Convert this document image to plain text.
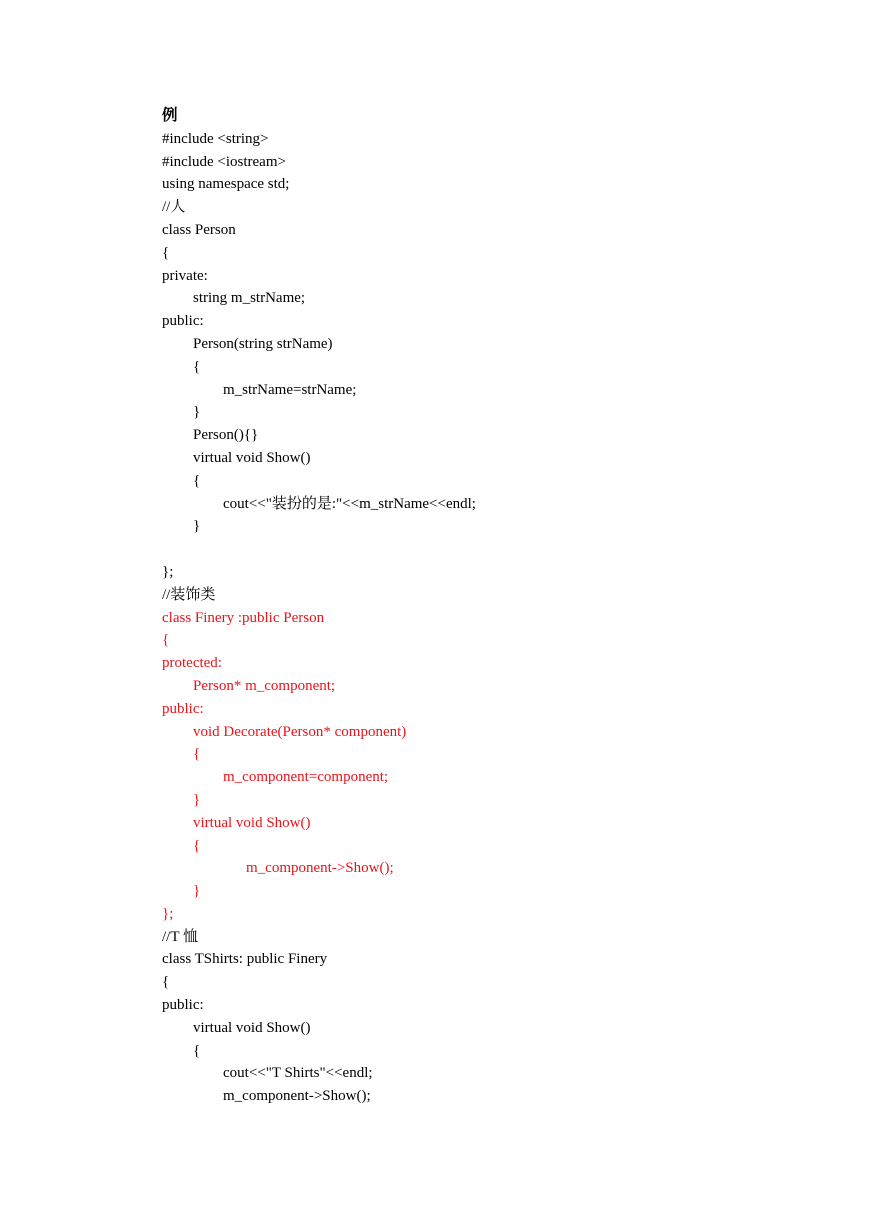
例
#include <string>
#include <iostream>
using namespace std;
//人
class Person
{
private:
string m_strName;
public:
Person(string strName)
{
m_strName=strName;
}
Person(){}
virtual void Show()
{
cout<<"装扮的是:"<<m_strName<<endl;
}
};
//装饰类
class Finery :public Person
{
protected:
Person* m_component;
public:
void Decorate(Person* component)
{
m_component=component;
}
virtual void Show()
{
m_component->Show();
}
};
//T 恤
class TShirts: public Finery
{
public:
virtual void Show()
{
cout<<"T Shirts"<<endl;
m_component->Show();
